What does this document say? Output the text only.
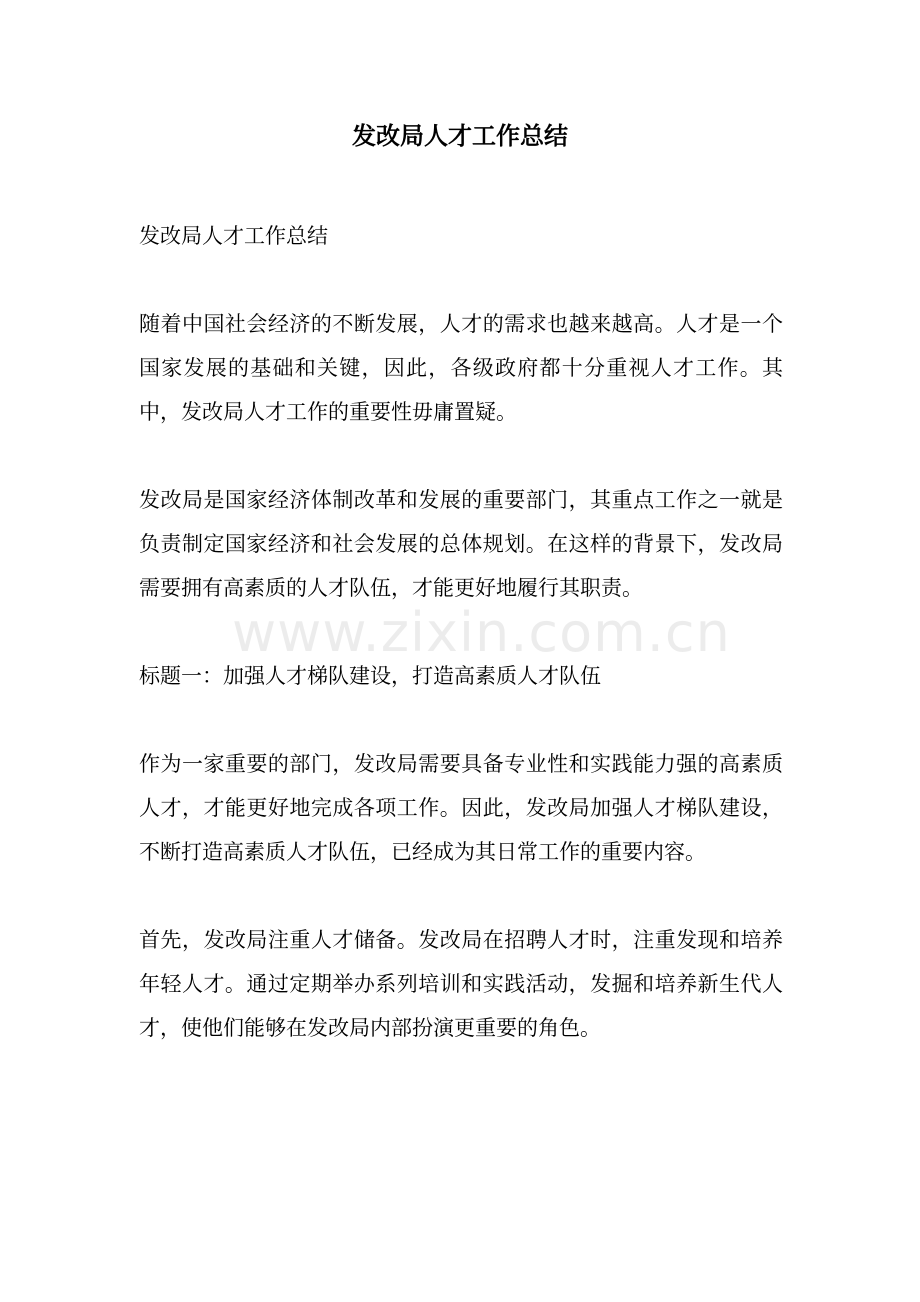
发改局人才工作总结

发改局人才工作总结

随着中国社会经济的不断发展，人才的需求也越来越高。人才是一个国家发展的基础和关键，因此，各级政府都十分重视人才工作。其中，发改局人才工作的重要性毋庸置疑。

发改局是国家经济体制改革和发展的重要部门，其重点工作之一就是负责制定国家经济和社会发展的总体规划。在这样的背景下，发改局需要拥有高素质的人才队伍，才能更好地履行其职责。

标题一：加强人才梯队建设，打造高素质人才队伍

作为一家重要的部门，发改局需要具备专业性和实践能力强的高素质人才，才能更好地完成各项工作。因此，发改局加强人才梯队建设，不断打造高素质人才队伍，已经成为其日常工作的重要内容。

首先，发改局注重人才储备。发改局在招聘人才时，注重发现和培养年轻人才。通过定期举办系列培训和实践活动，发掘和培养新生代人才，使他们能够在发改局内部扮演更重要的角色。

www.zixin.com.cn
